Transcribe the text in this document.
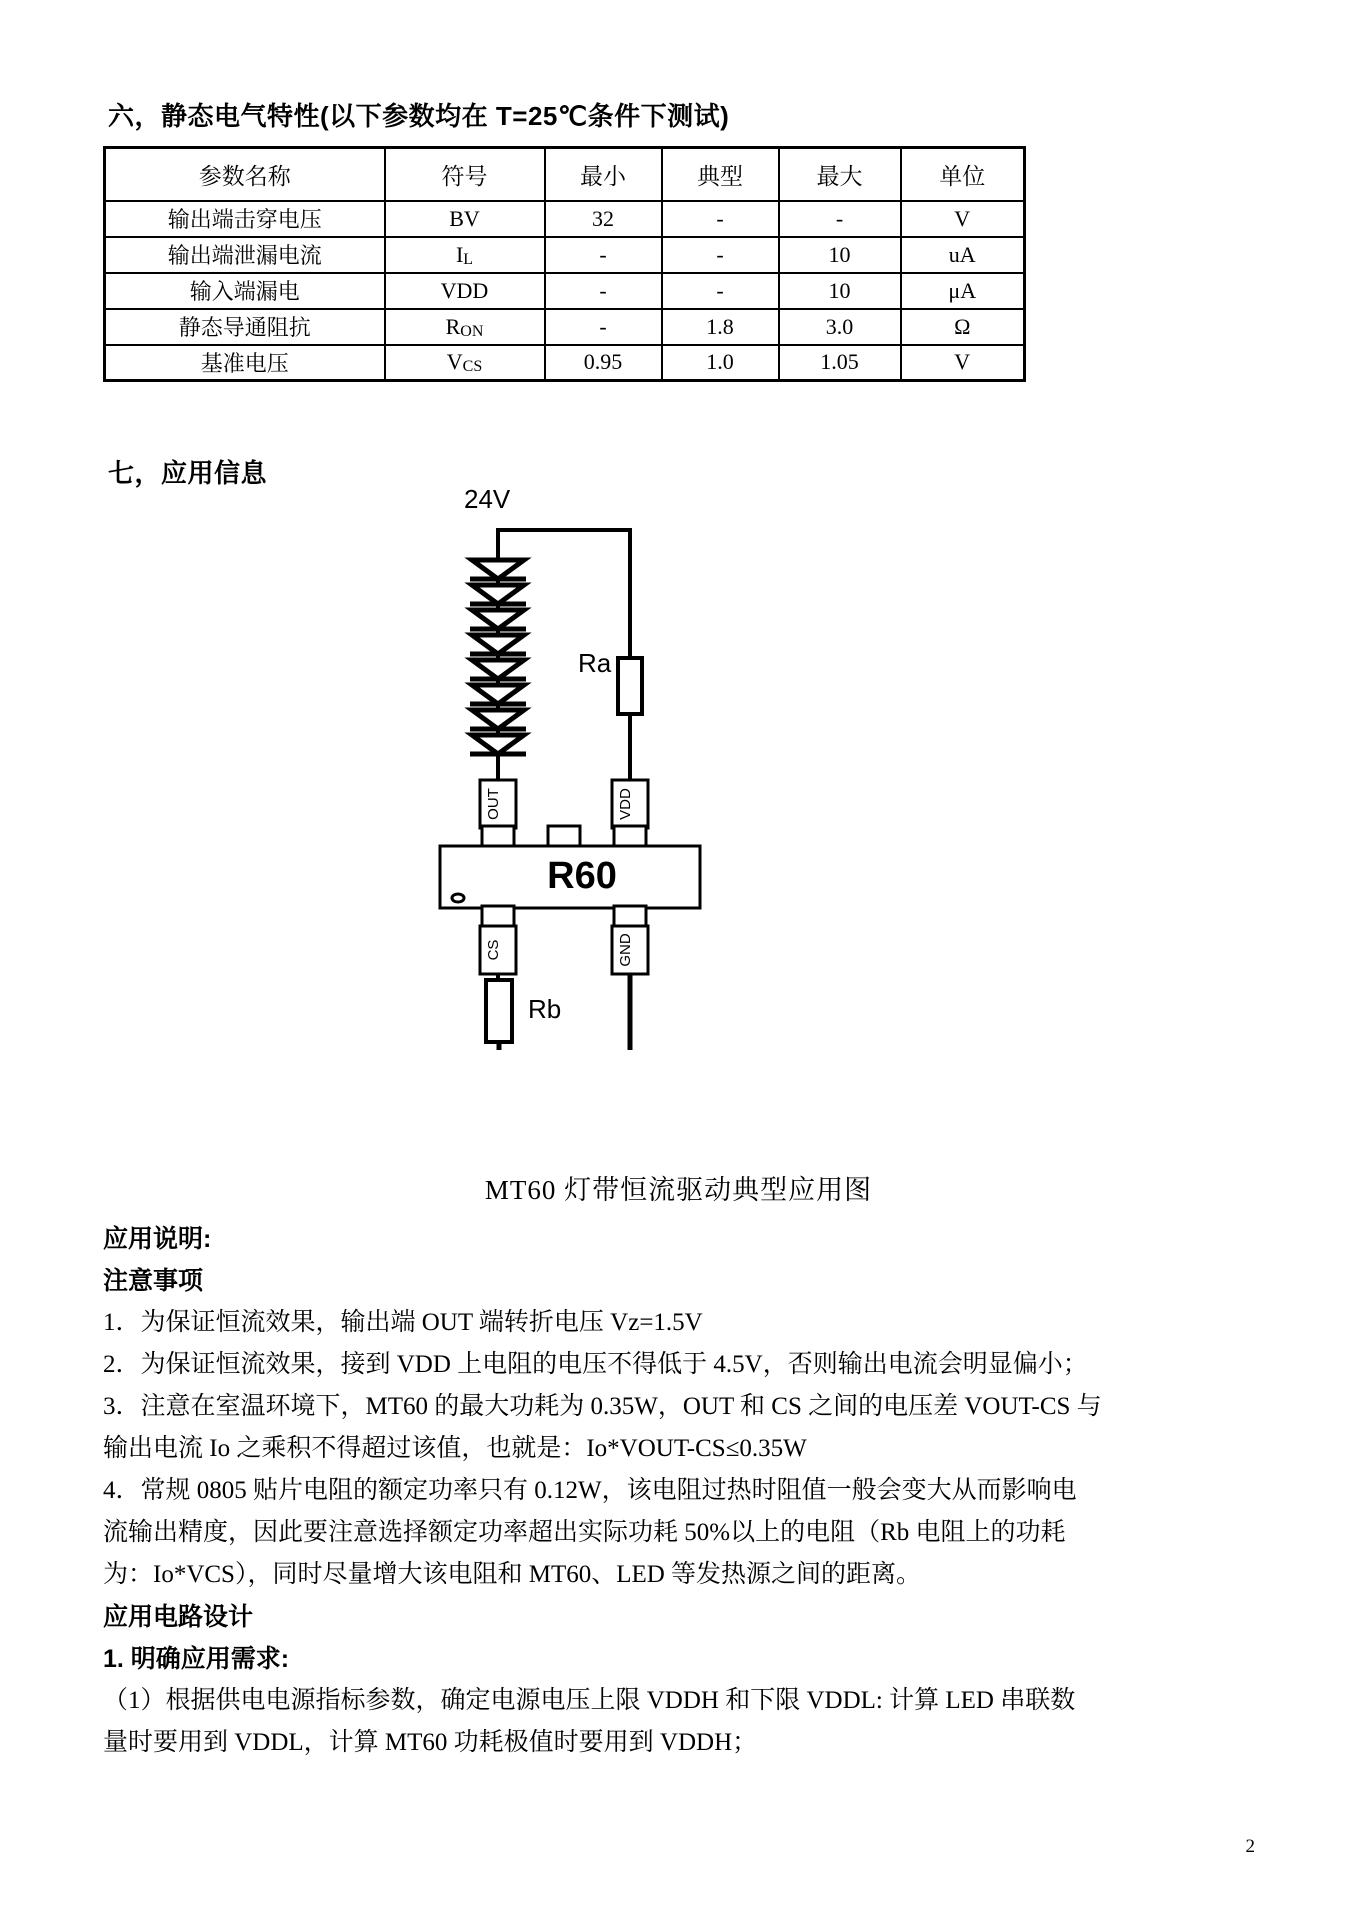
六，静态电气特性(以下参数均在 T=25℃条件下测试)
参数名称	符号	最小	典型	最大	单位
输出端击穿电压	BV	32	-	-	V
输出端泄漏电流	IL	-	-	10	uA
输入端漏电	VDD	-	-	10	μA
静态导通阻抗	RON	-	1.8	3.0	Ω
基准电压	VCS	0.95	1.0	1.05	V
七，应用信息
OUT	VDD
R60
CS	GND
Ra
Rb
24V
MT60 灯带恒流驱动典型应用图
应用说明:
注意事项
1．为保证恒流效果，输出端 OUT 端转折电压 Vz=1.5V
2．为保证恒流效果，接到 VDD 上电阻的电压不得低于 4.5V，否则输出电流会明显偏小；
3．注意在室温环境下，MT60 的最大功耗为 0.35W，OUT 和 CS 之间的电压差 VOUT-CS 与
输出电流 Io 之乘积不得超过该值，也就是：Io*VOUT-CS≤0.35W
4．常规 0805 贴片电阻的额定功率只有 0.12W，该电阻过热时阻值一般会变大从而影响电
流输出精度，因此要注意选择额定功率超出实际功耗 50%以上的电阻（Rb 电阻上的功耗
为：Io*VCS），同时尽量增大该电阻和 MT60、LED 等发热源之间的距离。
应用电路设计
1. 明确应用需求:
（1）根据供电电源指标参数，确定电源电压上限 VDDH 和下限 VDDL: 计算 LED 串联数
量时要用到 VDDL，计算 MT60 功耗极值时要用到 VDDH；
2
